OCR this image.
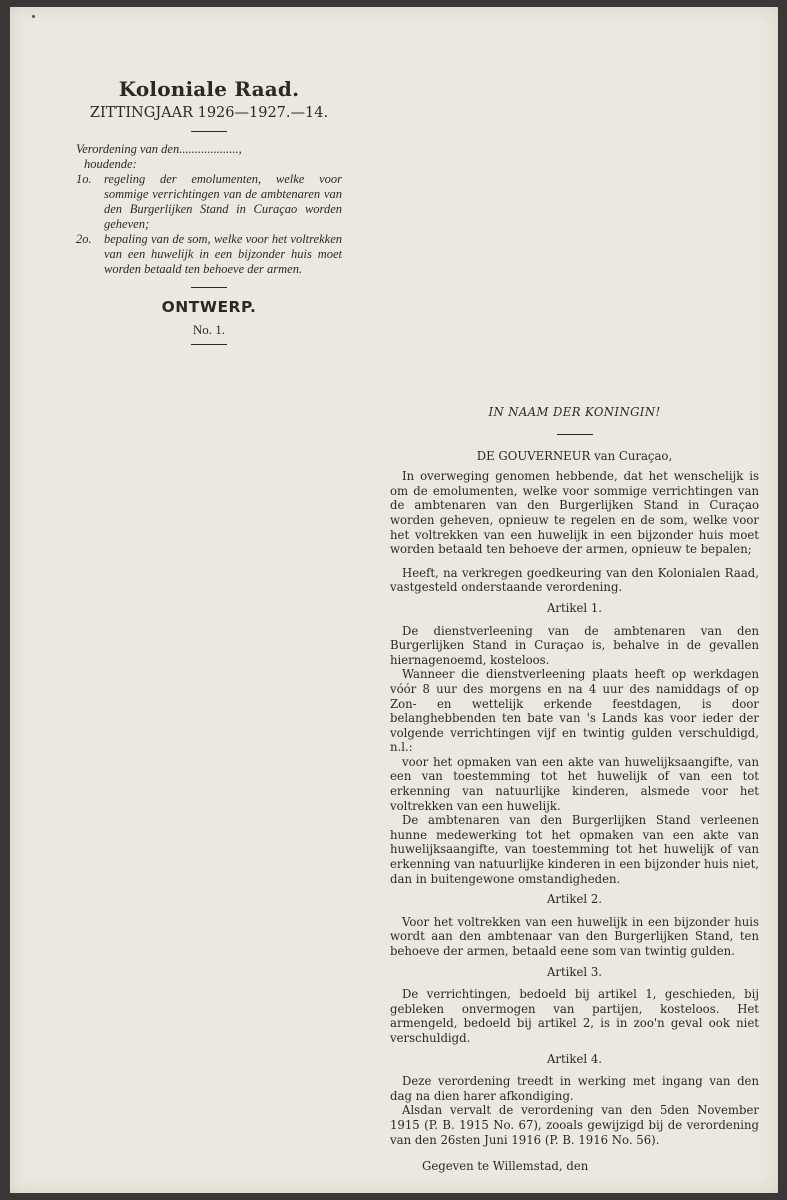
Koloniale Raad.
ZITTINGJAAR 1926—1927.—14.
Verordening van den...................,
houdende:
1o. regeling der emolumenten, welke voor sommige verrichtingen van de ambtenaren van den Burgerlijken Stand in Curaçao worden geheven;
2o. bepaling van de som, welke voor het voltrekken van een huwelijk in een bijzonder huis moet worden betaald ten behoeve der armen.
ONTWERP.
No. 1.
IN NAAM DER KONINGIN!
DE GOUVERNEUR van Curaçao,

In overweging genomen hebbende, dat het wenschelijk is om de emolumenten, welke voor sommige verrichtingen van de ambtenaren van den Burgerlijken Stand in Curaçao worden geheven, opnieuw te regelen en de som, welke voor het voltrekken van een huwelijk in een bijzonder huis moet worden betaald ten behoeve der armen, opnieuw te bepalen;

Heeft, na verkregen goedkeuring van den Kolonialen Raad, vastgesteld onderstaande verordening.

Artikel 1.

De dienstverleening van de ambtenaren van den Burgerlijken Stand in Curaçao is, behalve in de gevallen hiernagenoemd, kosteloos.

Wanneer die dienstverleening plaats heeft op werkdagen vóór 8 uur des morgens en na 4 uur des namiddags of op Zon- en wettelijk erkende feestdagen, is door belanghebbenden ten bate van 's Lands kas voor ieder der volgende verrichtingen vijf en twintig gulden verschuldigd, n.l.:

voor het opmaken van een akte van huwelijksaangifte, van een van toestemming tot het huwelijk of van een tot erkenning van natuurlijke kinderen, alsmede voor het voltrekken van een huwelijk.

De ambtenaren van den Burgerlijken Stand verleenen hunne medewerking tot het opmaken van een akte van huwelijksaangifte, van toestemming tot het huwelijk of van erkenning van natuurlijke kinderen in een bijzonder huis niet, dan in buitengewone omstandigheden.

Artikel 2.

Voor het voltrekken van een huwelijk in een bijzonder huis wordt aan den ambtenaar van den Burgerlijken Stand, ten behoeve der armen, betaald eene som van twintig gulden.

Artikel 3.

De verrichtingen, bedoeld bij artikel 1, geschieden, bij gebleken onvermogen van partijen, kosteloos. Het armengeld, bedoeld bij artikel 2, is in zoo'n geval ook niet verschuldigd.

Artikel 4.

Deze verordening treedt in werking met ingang van den dag na dien harer afkondiging.

Alsdan vervalt de verordening van den 5den November 1915 (P. B. 1915 No. 67), zooals gewijzigd bij de verordening van den 26sten Juni 1916 (P. B. 1916 No. 56).

Gegeven te Willemstad, den
